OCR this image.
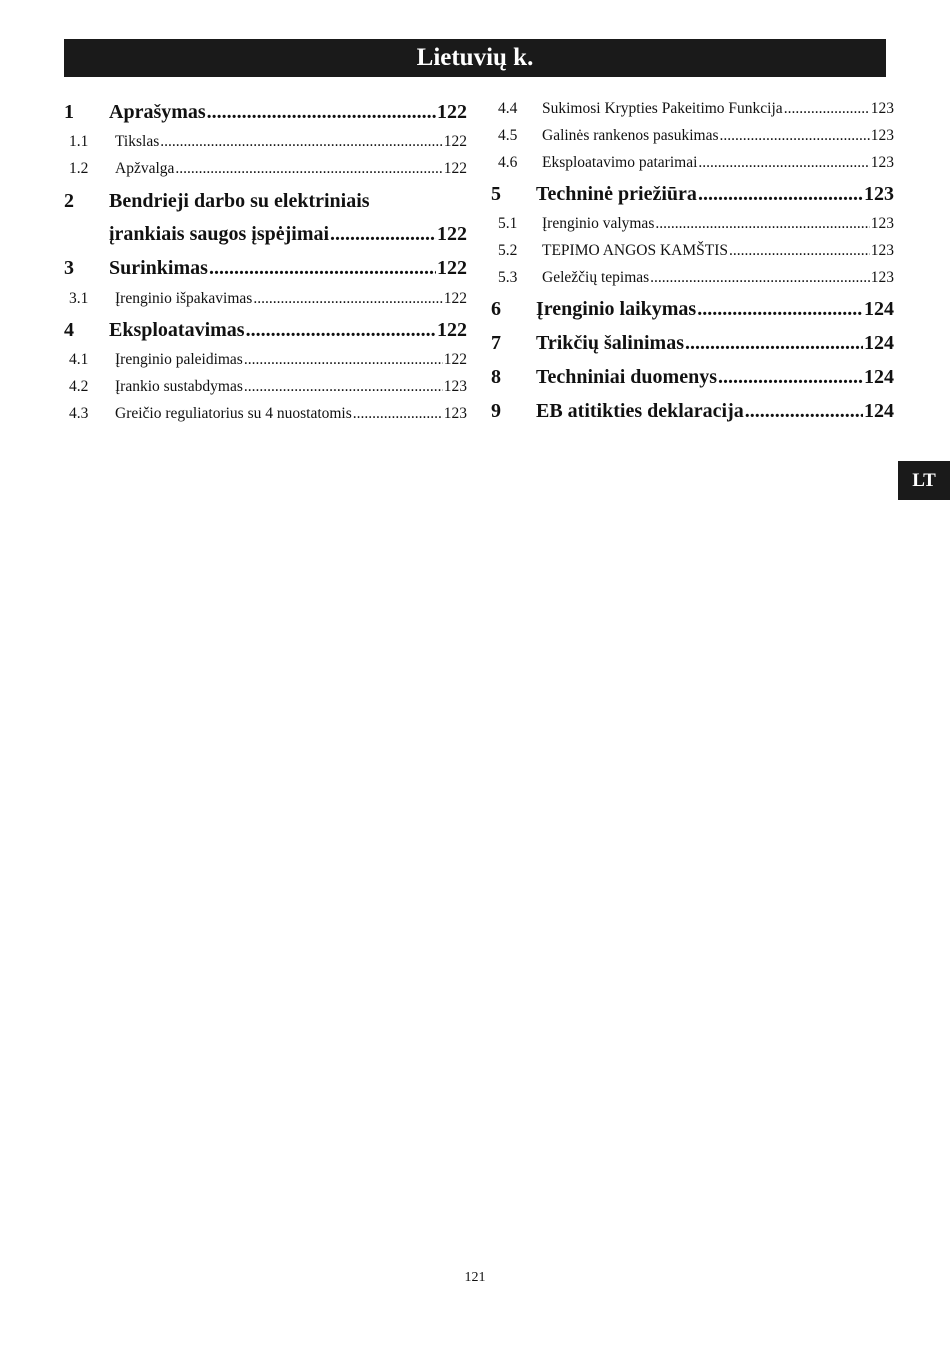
Lietuvių k.
LT
1	Aprašymas .....	122
1.1	Tikslas .....	122
1.2	Apžvalga .....	122
2 Bendrieji darbo su elektriniais
įrankiais saugos įspėjimai .....	122
3	Surinkimas .....	122
3.1	Įrenginio išpakavimas .....	122
4	Eksploatavimas .....	122
4.1	Įrenginio paleidimas .....	122
4.2	Įrankio sustabdymas .....	123
4.3	Greičio reguliatorius su 4 nuostatomis .....	123
4.4	Sukimosi Krypties Pakeitimo Funkcija .....	123
4.5	Galinės rankenos pasukimas .....	123
4.6	Eksploatavimo patarimai .....	123
5	Techninė priežiūra .....	123
5.1	Įrenginio valymas .....	123
5.2	TEPIMO ANGOS KAMŠTIS .....	123
5.3	Geležčių tepimas .....	123
6	Įrenginio laikymas .....	124
7	Trikčių šalinimas .....	124
8	Techniniai duomenys .....	124
9	EB atitikties deklaracija .....	124
121
